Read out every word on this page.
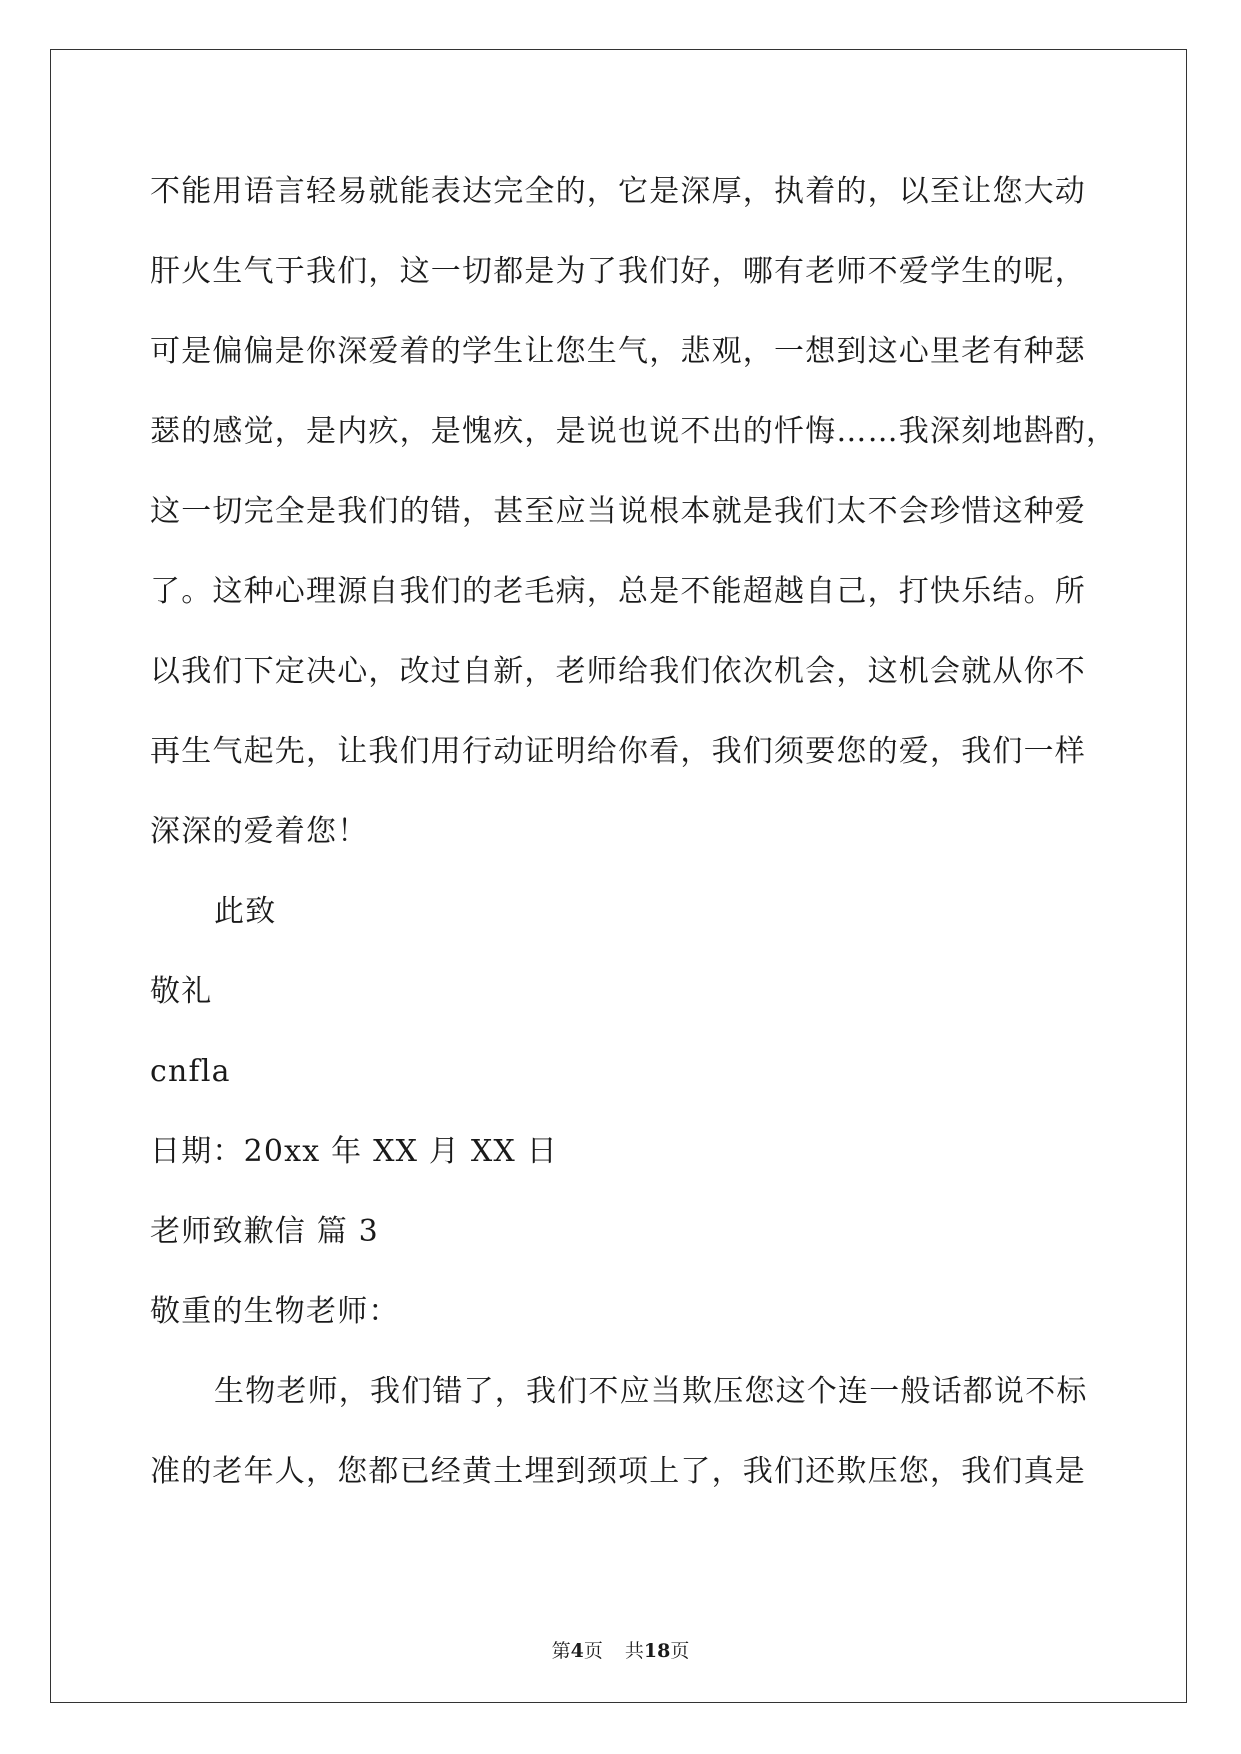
不能用语言轻易就能表达完全的，它是深厚，执着的，以至让您大动
肝火生气于我们，这一切都是为了我们好，哪有老师不爱学生的呢，
可是偏偏是你深爱着的学生让您生气，悲观，一想到这心里老有种瑟
瑟的感觉，是内疚，是愧疚，是说也说不出的忏悔……我深刻地斟酌，
这一切完全是我们的错，甚至应当说根本就是我们太不会珍惜这种爱
了。这种心理源自我们的老毛病，总是不能超越自己，打快乐结。所
以我们下定决心，改过自新，老师给我们依次机会，这机会就从你不
再生气起先，让我们用行动证明给你看，我们须要您的爱，我们一样
深深的爱着您！
此致
敬礼
cnfla
日期：20xx 年 XX 月 XX 日
老师致歉信 篇 3
敬重的生物老师：
生物老师，我们错了，我们不应当欺压您这个连一般话都说不标
准的老年人，您都已经黄土埋到颈项上了，我们还欺压您，我们真是
第4页 共18页
